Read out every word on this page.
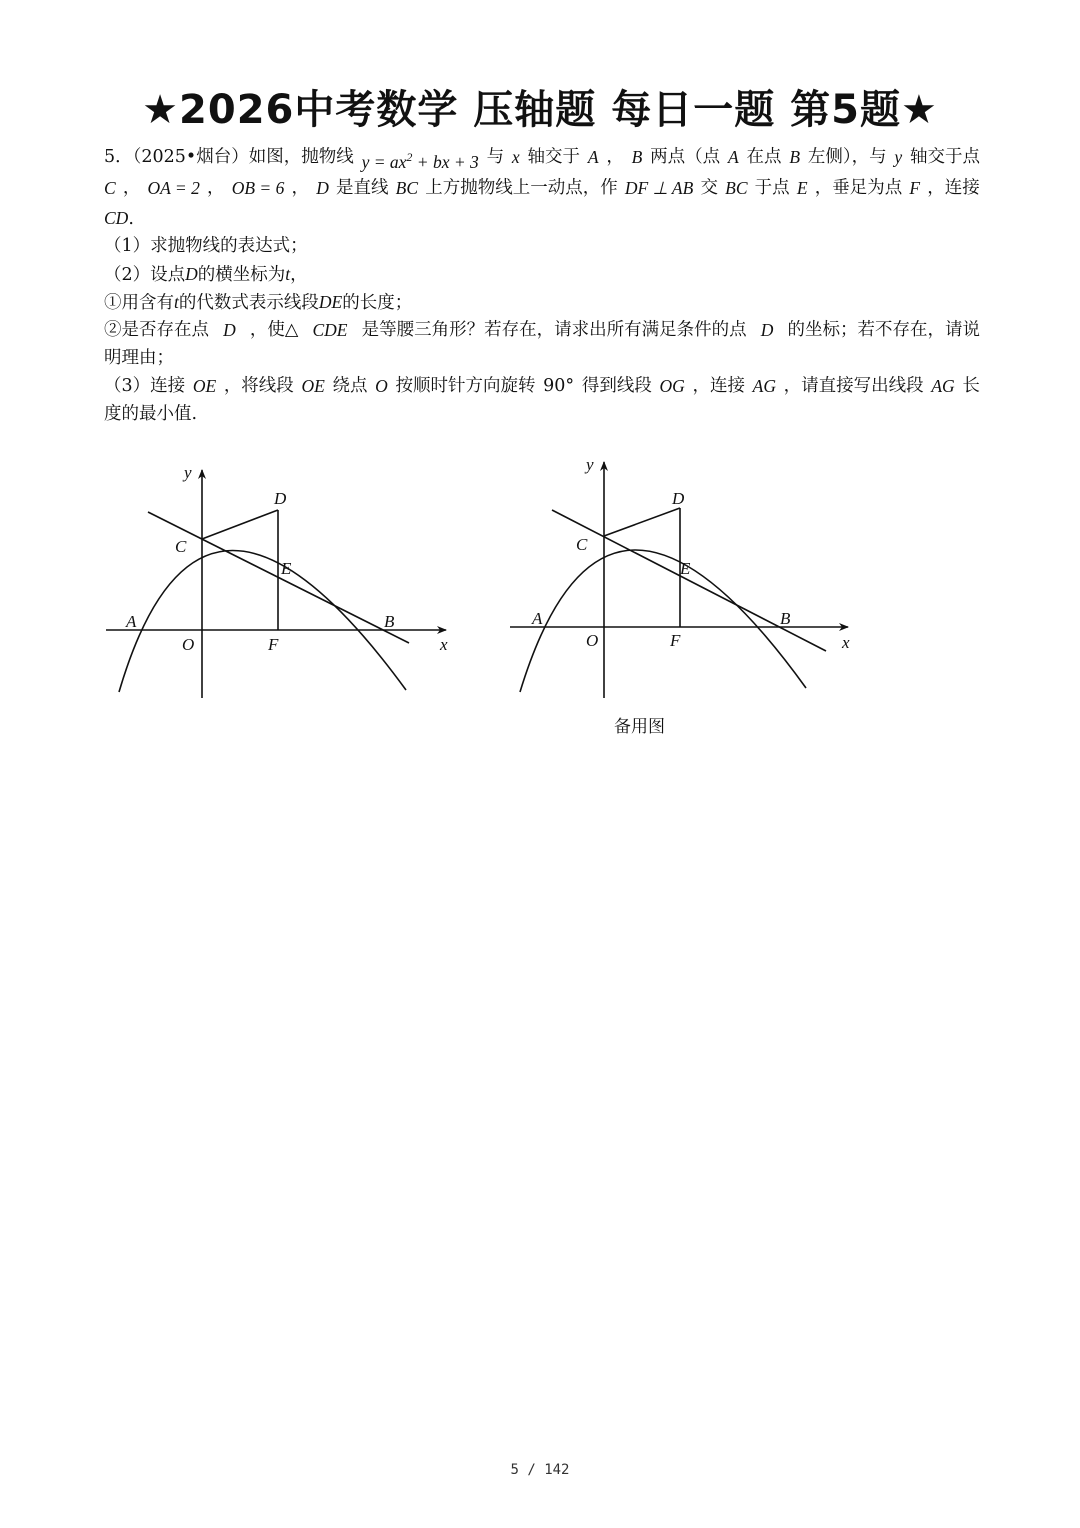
★2026中考数学 压轴题 每日一题 第5题★
5．（2025•烟台）如图，抛物线 $y = ax^2$ + bx + 3 与 x 轴交于 A ， B 两点（点 A 在点 B 左侧），与 y 轴交于点
C ， OA = 2 ， OB = 6 ， D 是直线 BC 上方抛物线上一动点，作 DF ⊥ AB 交 BC 于点 E ，垂足为点 F ，连接
CD.
（1）求抛物线的表达式；
（2）设点D的横坐标为t，
①用含有t的代数式表示线段DE的长度；
②是否存在点 D ，使△ CDE 是等腰三角形？若存在，请求出所有满足条件的点 D 的坐标；若不存在，请说
明理由；
（3）连接 OE ，将线段 OE 绕点 O 按顺时针方向旋转 90° 得到线段 OG ，连接 AG ，请直接写出线段 AG 长
度的最小值.
y
x
O
A	B
C
D
E
F
y
x
O
A	B
C
D
E
F
备用图
5 / 142
